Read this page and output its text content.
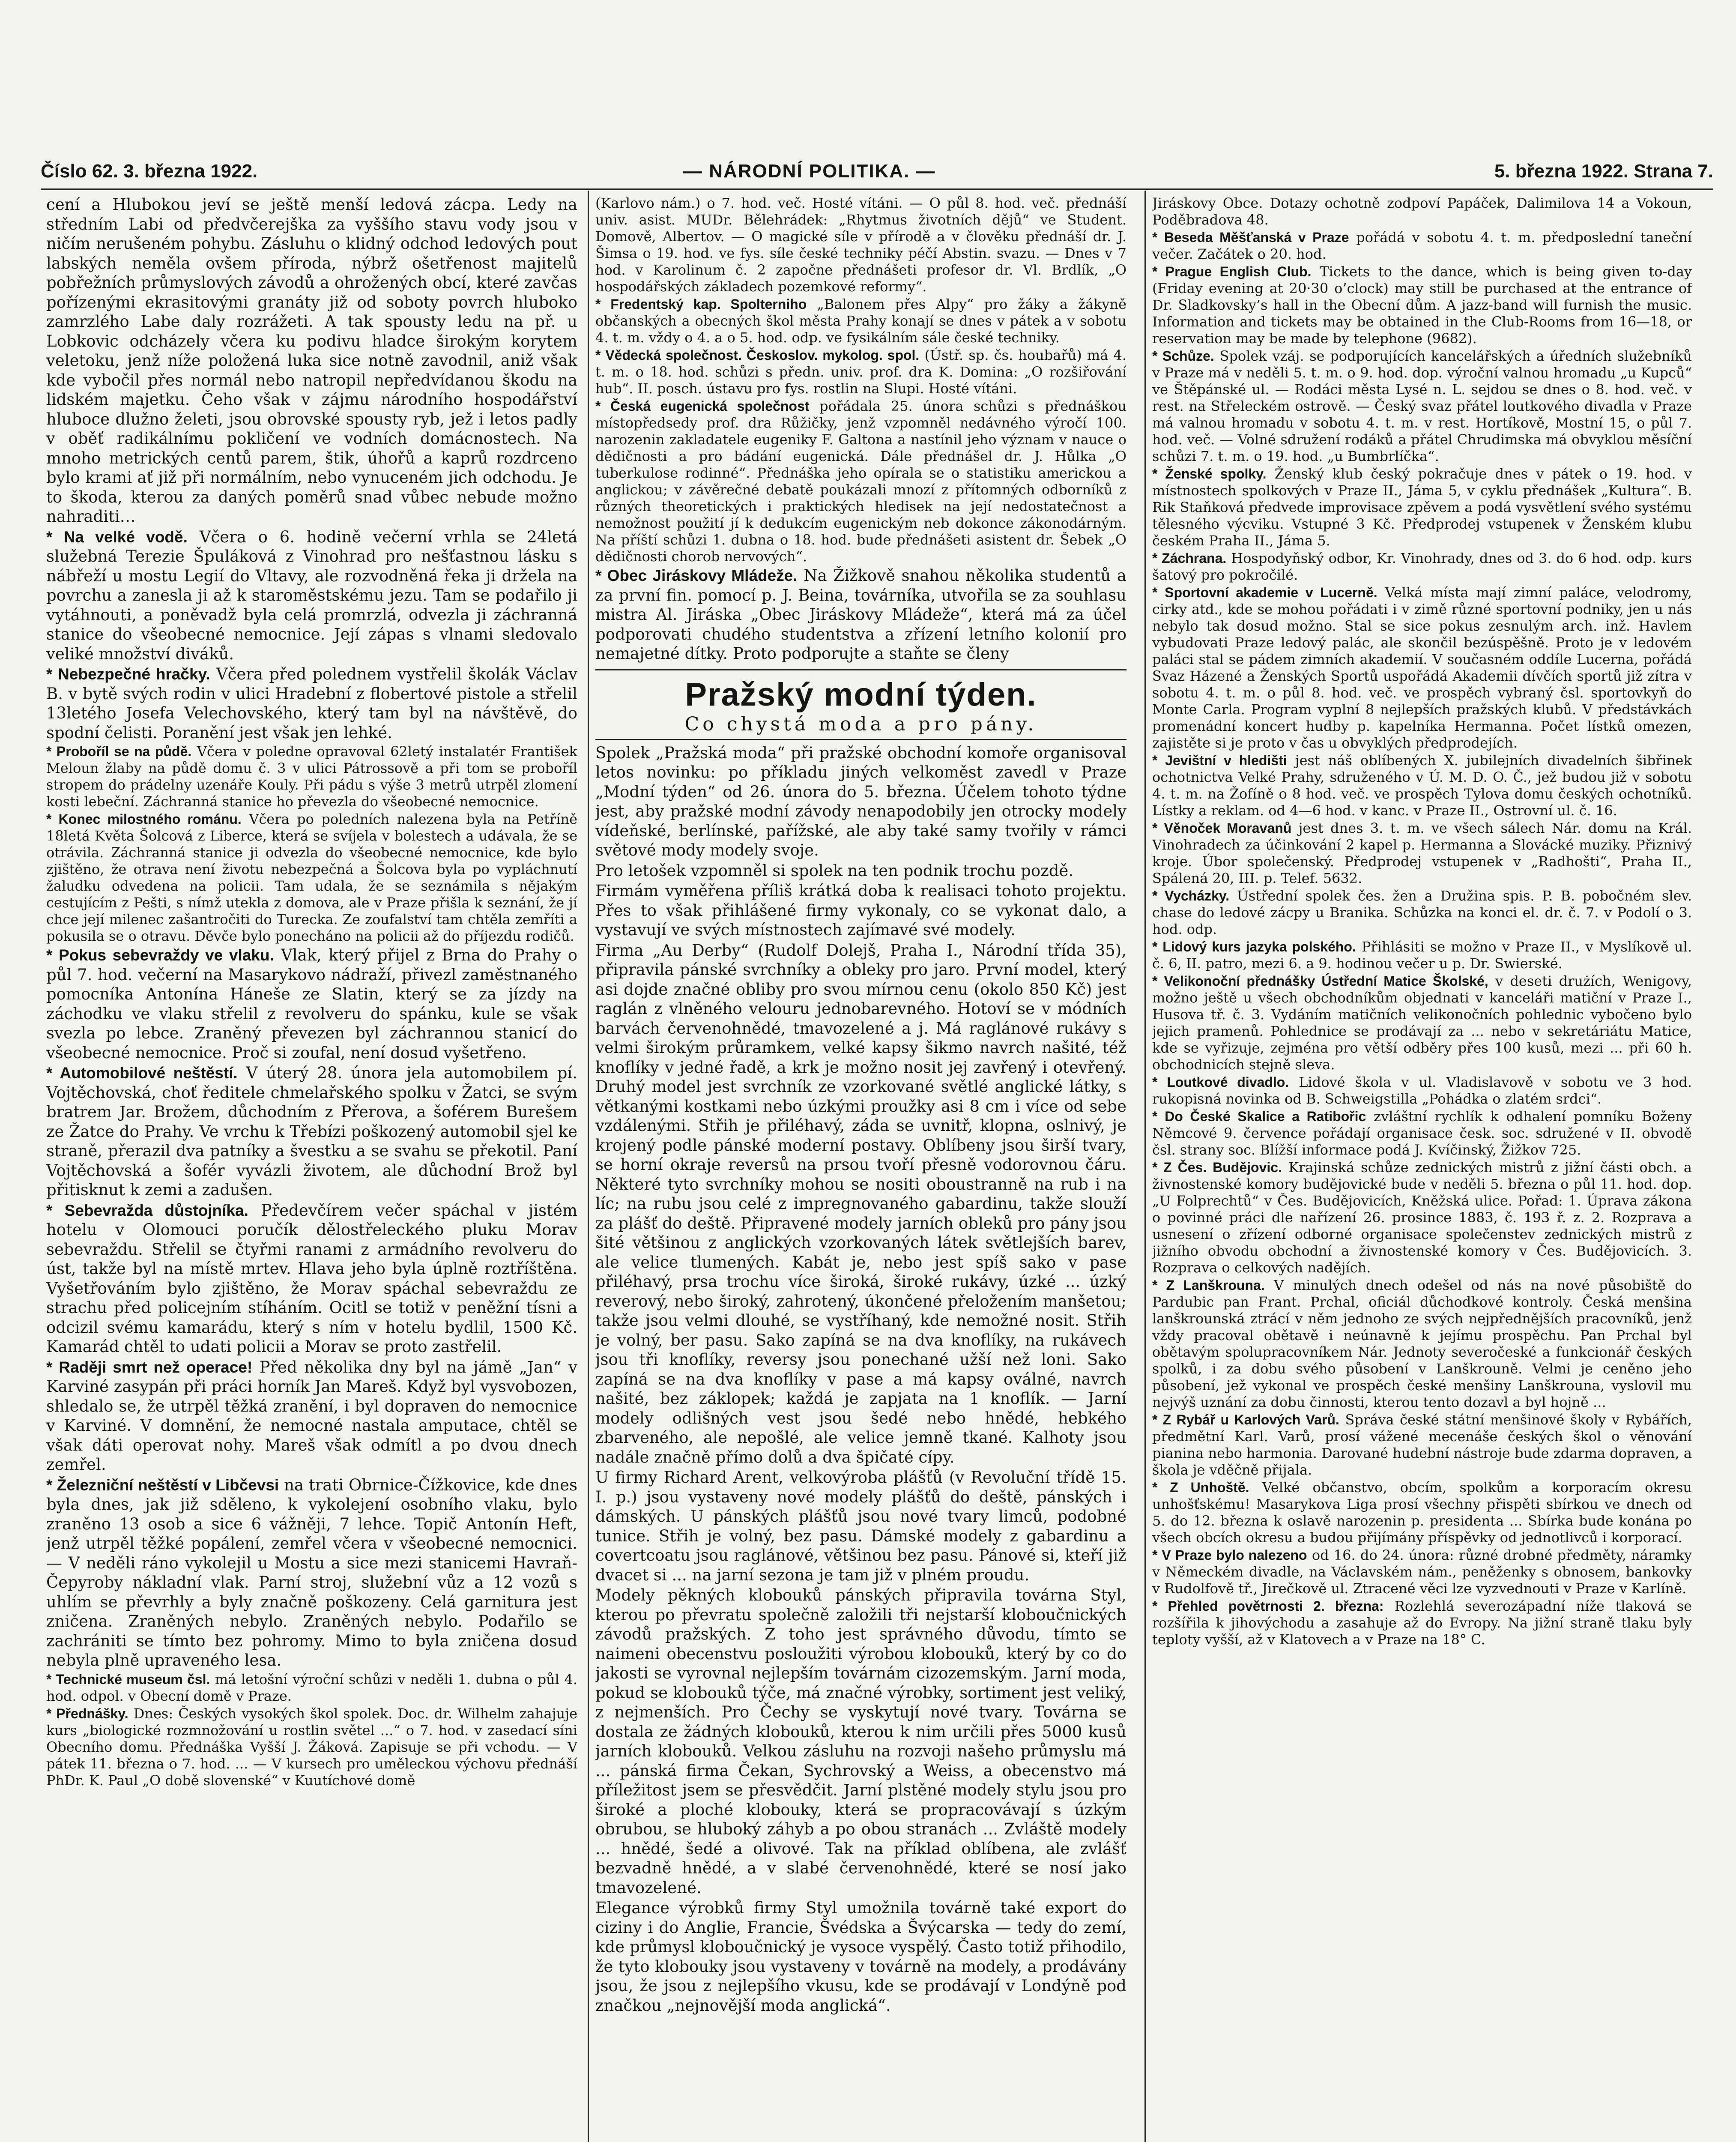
Číslo 62. 3. března 1922.	— NÁRODNÍ POLITIKA. —	5. března 1922. Strana 7.

cení a Hlubokou jeví se ještě menší ledová zácpa. Ledy na středním Labi od předvčerejška za vyššího stavu vody jsou v ničím nerušeném pohybu. Zásluhu o klidný odchod ledových pout labských neměla ovšem příroda, nýbrž ošetřenost majitelů pobřežních průmyslových závodů a ohrožených obcí, které zavčas pořízenými ekrasitovými granáty již od soboty povrch hluboko zamrzlého Labe daly rozrážeti. A tak spousty ledu na př. u Lobkovic odcházely včera ku podivu hladce širokým korytem veletoku, jenž níže položená luka sice notně zavodnil, aniž však kde vybočil přes normál nebo natropil nepředvídanou škodu na lidském majetku. Čeho však v zájmu národního hospodářství hluboce dlužno želeti, jsou obrovské spousty ryb, jež i letos padly v oběť radikálnímu pokličení ve vodních domácnostech. Na mnoho metrických centů parem, štik, úhořů a kaprů rozdrceno bylo krami ať již při normálním, nebo vynuceném jich odchodu. Je to škoda, kterou za daných poměrů snad vůbec nebude možno nahraditi…

* Na velké vodě. Včera o 6. hodině večerní vrhla se 24letá služebná Terezie Špuláková z Vinohrad pro nešťastnou lásku s nábřeží u mostu Legií do Vltavy, ale rozvodněná řeka ji držela na povrchu a zanesla ji až k staroměstskému jezu. Tam se podařilo ji vytáhnouti, a poněvadž byla celá promrzlá, odvezla ji záchranná stanice do všeobecné nemocnice. Její zápas s vlnami sledovalo veliké množství diváků.

* Nebezpečné hračky. Včera před polednem vystřelil školák Václav B. v bytě svých rodin v ulici Hradební z flobertové pistole a střelil 13letého Josefa Velechovského, který tam byl na návštěvě, do spodní čelisti. Poranění jest však jen lehké.

* Proboříl se na půdě. Včera v poledne opravoval 62letý instalatér František Meloun žlaby na půdě domu č. 3 v ulici Pátrossově a při tom se proboříl stropem do prádelny uzenáře Kouly. Při pádu s výše 3 metrů utrpěl zlomení kosti lebeční. Záchranná stanice ho převezla do všeobecné nemocnice.

* Konec milostného románu. Včera po poledních nalezena byla na Petříně 18letá Květa Šolcová z Liberce, která se svíjela v bolestech a udávala, že se otrávila. Záchranná stanice ji odvezla do všeobecné nemocnice, kde bylo zjištěno, že otrava není životu nebezpečná a Šolcova byla po vypláchnutí žaludku odvedena na policii. Tam udala, že se seznámila s nějakým cestujícím z Pešti, s nímž utekla z domova, ale v Praze přišla k seznání, že jí chce její milenec zašantročiti do Turecka. Ze zoufalství tam chtěla zemříti a pokusila se o otravu. Děvče bylo ponecháno na policii až do příjezdu rodičů.

* Pokus sebevraždy ve vlaku. Vlak, který přijel z Brna do Prahy o půl 7. hod. večerní na Masarykovo nádraží, přivezl zaměstnaného pomocníka Antonína Háneše ze Slatin, který se za jízdy na záchodku ve vlaku střelil z revolveru do spánku, kule se však svezla po lebce. Zraněný převezen byl záchrannou stanicí do všeobecné nemocnice. Proč si zoufal, není dosud vyšetřeno.

* Automobilové neštěstí. V úterý 28. února jela automobilem pí. Vojtěchovská, choť ředitele chmelařského spolku v Žatci, se svým bratrem Jar. Brožem, důchodním z Přerova, a šoférem Burešem ze Žatce do Prahy. Ve vrchu k Třebízi poškozený automobil sjel ke straně, přerazil dva patníky a švestku a se svahu se překotil. Paní Vojtěchovská a šofér vyvázli životem, ale důchodní Brož byl přitisknut k zemi a zadušen.

* Sebevražda důstojníka. Předevčírem večer spáchal v jistém hotelu v Olomouci poručík dělostřeleckého pluku Morav sebevraždu. Střelil se čtyřmi ranami z armádního revolveru do úst, takže byl na místě mrtev. Hlava jeho byla úplně roztříštěna. Vyšetřováním bylo zjištěno, že Morav spáchal sebevraždu ze strachu před policejním stíháním. Ocitl se totiž v peněžní tísni a odcizil svému kamarádu, který s ním v hotelu bydlil, 1500 Kč. Kamarád chtěl to udati policii a Morav se proto zastřelil.

* Raději smrt než operace! Před několika dny byl na jámě „Jan“ v Karviné zasypán při práci horník Jan Mareš. Když byl vysvobozen, shledalo se, že utrpěl těžká zranění, i byl dopraven do nemocnice v Karviné. V domnění, že nemocné nastala amputace, chtěl se však dáti operovat nohy. Mareš však odmítl a po dvou dnech zemřel.

* Železniční neštěstí v Libčevsi na trati Obrnice-Čížkovice, kde dnes byla dnes, jak již sděleno, k vykolejení osobního vlaku, bylo zraněno 13 osob a sice 6 vážněji, 7 lehce. Topič Antonín Heft, jenž utrpěl těžké popálení, zemřel včera v všeobecné nemocnici. — V neděli ráno vykolejil u Mostu a sice mezi stanicemi Havraň-Čepyroby nákladní vlak. Parní stroj, služební vůz a 12 vozů s uhlím se převrhly a byly značně poškozeny. Celá garnitura jest zničena. Zraněných nebylo. Zraněných nebylo. Podařilo se zachrániti se tímto bez pohromy. Mimo to byla zničena dosud nebyla plně upraveného lesa.

* Technické museum čsl. má letošní výroční schůzi v neděli 1. dubna o půl 4. hod. odpol. v Obecní domě v Praze.

* Přednášky. Dnes: Českých vysokých škol spolek. Doc. dr. Wilhelm zahajuje kurs „biologické rozmnožování u rostlin světel ...“ o 7. hod. v zasedací síni Obecního domu. Přednáška Vyšší J. Žáková. Zapisuje se při vchodu. — V pátek 11. března o 7. hod. ... — V kursech pro uměleckou výchovu přednáší PhDr. K. Paul „O době slovenské“ v Kuutíchové domě

(Karlovo nám.) o 7. hod. več. Hosté vítáni. — O půl 8. hod. več. přednáší univ. asist. MUDr. Bělehrádek: „Rhytmus životních dějů“ ve Student. Domově, Albertov. — O magické síle v přírodě a v člověku přednáší dr. J. Šimsa o 19. hod. ve fys. síle české techniky péčí Abstin. svazu. — Dnes v 7 hod. v Karolinum č. 2 započne přednášeti profesor dr. Vl. Brdlík, „O hospodářských základech pozemkové reformy“.

* Fredentský kap. Spolterniho „Balonem přes Alpy“ pro žáky a žákyně občanských a obecných škol města Prahy konají se dnes v pátek a v sobotu 4. t. m. vždy o 4. a o 5. hod. odp. ve fysikálním sále české techniky.

* Vědecká společnost. Českoslov. mykolog. spol. (Ústř. sp. čs. houbařů) má 4. t. m. o 18. hod. schůzi s předn. univ. prof. dra K. Domina: „O rozšiřování hub“. II. posch. ústavu pro fys. rostlin na Slupi. Hosté vítáni.

* Česká eugenická společnost pořádala 25. února schůzi s přednáškou místopředsedy prof. dra Růžičky, jenž vzpomněl nedávného výročí 100. narozenin zakladatele eugeniky F. Galtona a nastínil jeho význam v nauce o dědičnosti a pro bádání eugenická. Dále přednášel dr. J. Hůlka „O tuberkulose rodinné“. Přednáška jeho opírala se o statistiku americkou a anglickou; v závěrečné debatě poukázali mnozí z přítomných odborníků z různých theoretických i praktických hledisek na její nedostatečnost a nemožnost použití jí k dedukcím eugenickým neb dokonce zákonodárným. Na příští schůzi 1. dubna o 18. hod. bude přednášeti asistent dr. Šebek „O dědičnosti chorob nervových“.

* Obec Jiráskovy Mládeže. Na Žižkově snahou několika studentů a za první fin. pomocí p. J. Beina, továrníka, utvořila se za souhlasu mistra Al. Jiráska „Obec Jiráskovy Mládeže“, která má za účel podporovati chudého studentstva a zřízení letního kolonií pro nemajetné dítky. Proto podporujte a staňte se členy

Pražský modní týden.
Co chystá moda a pro pány.

Spolek „Pražská moda“ při pražské obchodní komoře organisoval letos novinku: po příkladu jiných velkoměst zavedl v Praze „Modní týden“ od 26. února do 5. března. Účelem tohoto týdne jest, aby pražské modní závody nenapodobily jen otrocky modely vídeňské, berlínské, pařížské, ale aby také samy tvořily v rámci světové mody modely svoje.

Pro letošek vzpomněl si spolek na ten podnik trochu pozdě.

Firmám vyměřena příliš krátká doba k realisaci tohoto projektu. Přes to však přihlášené firmy vykonaly, co se vykonat dalo, a vystavují ve svých místnostech zajímavé své modely.

Firma „Au Derby“ (Rudolf Dolejš, Praha I., Národní třída 35), připravila pánské svrchníky a obleky pro jaro. První model, který asi dojde značné obliby pro svou mírnou cenu (okolo 850 Kč) jest raglán z vlněného velouru jednobarevného. Hotoví se v módních barvách červenohnědé, tmavozelené a j. Má raglánové rukávy s velmi širokým průramkem, velké kapsy šikmo navrch našité, též knoflíky v jedné řadě, a krk je možno nosit jej zavřený i otevřený. Druhý model jest svrchník ze vzorkované světlé anglické látky, s větkanými kostkami nebo úzkými proužky asi 8 cm i více od sebe vzdálenými. Střih je přiléhavý, záda se uvnitř, klopna, oslnivý, je krojený podle pánské moderní postavy. Oblíbeny jsou širší tvary, se horní okraje reversů na prsou tvoří přesně vodorovnou čáru. Některé tyto svrchníky mohou se nositi oboustranně na rub i na líc; na rubu jsou celé z impregnovaného gabardinu, takže slouží za plášť do deště. Připravené modely jarních obleků pro pány jsou šité většinou z anglických vzorkovaných látek světlejších barev, ale velice tlumených. Kabát je, nebo jest spíš sako v pase přiléhavý, prsa trochu více široká, široké rukávy, úzké ... úzký reverový, nebo široký, zahrotený, úkončené přeložením manšetou; takže jsou velmi dlouhé, se vystříhaný, kde nemožné nosit. Střih je volný, ber pasu. Sako zapíná se na dva knoflíky, na rukávech jsou tři knoflíky, reversy jsou ponechané užší než loni. Sako zapíná se na dva knoflíky v pase a má kapsy oválné, navrch našité, bez záklopek; každá je zapjata na 1 knoflík. — Jarní modely odlišných vest jsou šedé nebo hnědé, hebkého zbarveného, ale nepošlé, ale velice jemně tkané. Kalhoty jsou nadále značně přímo dolů a dva špičaté cípy.

U firmy Richard Arent, velkovýroba plášťů (v Revoluční třídě 15. I. p.) jsou vystaveny nové modely plášťů do deště, pánských i dámských. U pánských plášťů jsou nové tvary limců, podobné tunice. Střih je volný, bez pasu. Dámské modely z gabardinu a covertcoatu jsou raglánové, většinou bez pasu. Pánové si, kteří již dvacet si ... na jarní sezona je tam již v plném proudu.

Modely pěkných klobouků pánských připravila továrna Styl, kterou po převratu společně založili tři nejstarší kloboučnických závodů pražských. Z toho jest správného důvodu, tímto se naimeni obecenstvu posloužiti výrobou klobouků, který by co do jakosti se vyrovnal nejlepším továrnám cizozemským. Jarní moda, pokud se klobouků týče, má značné výrobky, sortiment jest veliký, z nejmenších. Pro Čechy se vyskytují nové tvary. Továrna se dostala ze žádných klobouků, kterou k nim určili přes 5000 kusů jarních klobouků. Velkou zásluhu na rozvoji našeho průmyslu má ... pánská firma Čekan, Sychrovský a Weiss, a obecenstvo má příležitost jsem se přesvědčit. Jarní plstěné modely stylu jsou pro široké a ploché klobouky, která se propracovávají s úzkým obrubou, se hluboký záhyb a po obou stranách ... Zvláště modely ... hnědé, šedé a olivové. Tak na příklad oblíbena, ale zvlášť bezvadně hnědé, a v slabé červenohnědé, které se nosí jako tmavozelené.

Elegance výrobků firmy Styl umožnila továrně také export do ciziny i do Anglie, Francie, Švédska a Švýcarska — tedy do zemí, kde průmysl kloboučnický je vysoce vyspělý. Často totiž přihodilo, že tyto klobouky jsou vystaveny v továrně na modely, a prodávány jsou, že jsou z nejlepšího vkusu, kde se prodávají v Londýně pod značkou „nejnovější moda anglická“.

Jiráskovy Obce. Dotazy ochotně zodpoví Papáček, Dalimilova 14 a Vokoun, Poděbradova 48.

* Beseda Měšťanská v Praze pořádá v sobotu 4. t. m. předposlední taneční večer. Začátek o 20. hod.

* Prague English Club. Tickets to the dance, which is being given to-day (Friday evening at 20·30 o’clock) may still be purchased at the entrance of Dr. Sladkovsky’s hall in the Obecní dům. A jazz-band will furnish the music. Information and tickets may be obtained in the Club-Rooms from 16—18, or reservation may be made by telephone (9682).

* Schůze. Spolek vzáj. se podporujících kancelářských a úředních služebníků v Praze má v neděli 5. t. m. o 9. hod. dop. výroční valnou hromadu „u Kupců“ ve Štěpánské ul. — Rodáci města Lysé n. L. sejdou se dnes o 8. hod. več. v rest. na Střeleckém ostrově. — Český svaz přátel loutkového divadla v Praze má valnou hromadu v sobotu 4. t. m. v rest. Hortíkově, Mostní 15, o půl 7. hod. več. — Volné sdružení rodáků a přátel Chrudimska má obvyklou měsíční schůzi 7. t. m. o 19. hod. „u Bumbrlíčka“.

* Ženské spolky. Ženský klub český pokračuje dnes v pátek o 19. hod. v místnostech spolkových v Praze II., Jáma 5, v cyklu přednášek „Kultura“. B. Rik Staňková předvede improvisace zpěvem a podá vysvětlení svého systému tělesného výcviku. Vstupné 3 Kč. Předprodej vstupenek v Ženském klubu českém Praha II., Jáma 5.

* Záchrana. Hospodyňský odbor, Kr. Vinohrady, dnes od 3. do 6 hod. odp. kurs šatový pro pokročilé.

* Sportovní akademie v Lucerně. Velká místa mají zimní paláce, velodromy, cirky atd., kde se mohou pořádati i v zimě různé sportovní podniky, jen u nás nebylo tak dosud možno. Stal se sice pokus zesnulým arch. inž. Havlem vybudovati Praze ledový palác, ale skončil bezúspěšně. Proto je v ledovém paláci stal se pádem zimních akademií. V současném oddíle Lucerna, pořádá Svaz Házené a Ženských Sportů uspořádá Akademii dívčích sportů již zítra v sobotu 4. t. m. o půl 8. hod. več. ve prospěch vybraný čsl. sportovkyň do Monte Carla. Program vyplní 8 nejlepších pražských klubů. V předstávkách promenádní koncert hudby p. kapelníka Hermanna. Počet lístků omezen, zajistěte si je proto v čas u obvyklých předprodejích.

* Jevištní v hledišti jest náš oblíbených X. jubilejních divadelních šibřinek ochotnictva Velké Prahy, sdruženého v Ú. M. D. O. Č., jež budou již v sobotu 4. t. m. na Žofíně o 8 hod. več. ve prospěch Tylova domu českých ochotníků. Lístky a reklam. od 4—6 hod. v kanc. v Praze II., Ostrovní ul. č. 16.

* Věnoček Moravanů jest dnes 3. t. m. ve všech sálech Nár. domu na Král. Vinohradech za účinkování 2 kapel p. Hermanna a Slovácké muziky. Přiznivý kroje. Úbor společenský. Předprodej vstupenek v „Radhošti“, Praha II., Spálená 20, III. p. Telef. 5632.

* Vycházky. Ústřední spolek čes. žen a Družina spis. P. B. pobočném slev. chase do ledové zácpy u Branika. Schůzka na konci el. dr. č. 7. v Podolí o 3. hod. odp.

* Lidový kurs jazyka polského. Přihlásiti se možno v Praze II., v Myslíkově ul. č. 6, II. patro, mezi 6. a 9. hodinou večer u p. Dr. Swierské.

* Velikonoční přednášky Ústřední Matice Školské, v deseti drużích, Wenigovy, možno ještě u všech obchodníkům objednati v kanceláři matiční v Praze I., Husova tř. č. 3. Vydáním matičních velikonočních pohlednic vybočeno bylo jejich pramenů. Pohlednice se prodávají za ... nebo v sekretáriátu Matice, kde se vyřizuje, zejména pro větší odběry přes 100 kusů, mezi ... při 60 h. obchodnicích stejně sleva.

* Loutkové divadlo. Lidové škola v ul. Vladislavově v sobotu ve 3 hod. rukopisná novinka od B. Schweigstilla „Pohádka o zlatém srdci“.

* Do České Skalice a Ratibořic zvláštní rychlík k odhalení pomníku Boženy Němcové 9. července pořádají organisace česk. soc. sdružené v II. obvodě čsl. strany soc. Blížší informace podá J. Kvíčinský, Žižkov 725.

* Z Čes. Budějovic. Krajinská schůze zednických mistrů z jižní části obch. a živnostenské komory budějovické bude v neděli 5. března o půl 11. hod. dop. „U Folprechtů“ v Čes. Budějovicích, Kněžská ulice. Pořad: 1. Úprava zákona o povinné práci dle nařízení 26. prosince 1883, č. 193 ř. z. 2. Rozprava a usnesení o zřízení odborné organisace společenstev zednických mistrů z jižního obvodu obchodní a živnostenské komory v Čes. Budějovicích. 3. Rozprava o celkových nadějích.

* Z Lanškrouna. V minulých dnech odešel od nás na nové působiště do Pardubic pan Frant. Prchal, oficiál důchodkové kontroly. Česká menšina lanškrounská ztrácí v něm jednoho ze svých nejpřednějších pracovníků, jenž vždy pracoval obětavě i neúnavně k jejímu prospěchu. Pan Prchal byl obětavým spolupracovníkem Nár. Jednoty severočeské a funkcionář českých spolků, i za dobu svého působení v Lanškrouně. Velmi je ceněno jeho působení, jež vykonal ve prospěch české menšiny Lanškrouna, vyslovil mu nejvýš uznání za dobu činnosti, kterou tento dozavl a byl hojně ...

* Z Rybář u Karlových Varů. Správa české státní menšinové školy v Rybářích, předmětní Karl. Varů, prosí vážené mecenáše českých škol o věnování pianina nebo harmonia. Darované hudební nástroje bude zdarma dopraven, a škola je vděčně přijala.

* Z Unhoště. Velké občanstvo, obcím, spolkům a korporacím okresu unhošťskému! Masarykova Liga prosí všechny přispěti sbírkou ve dnech od 5. do 12. března k oslavě narozenin p. presidenta ... Sbírka bude konána po všech obcích okresu a budou přijímány příspěvky od jednotlivců i korporací.

* V Praze bylo nalezeno od 16. do 24. února: různé drobné předměty, náramky v Německém divadle, na Václavském nám., peněženky s obnosem, bankovky v Rudolfově tř., Jirečkově ul. Ztracené věci lze vyzvednouti v Praze v Karlíně.

* Přehled povětrnosti 2. března: Rozlehlá severozápadní níže tlaková se rozšířila k jihovýchodu a zasahuje až do Evropy. Na jižní straně tlaku byly teploty vyšší, až v Klatovech a v Praze na 18° C.
